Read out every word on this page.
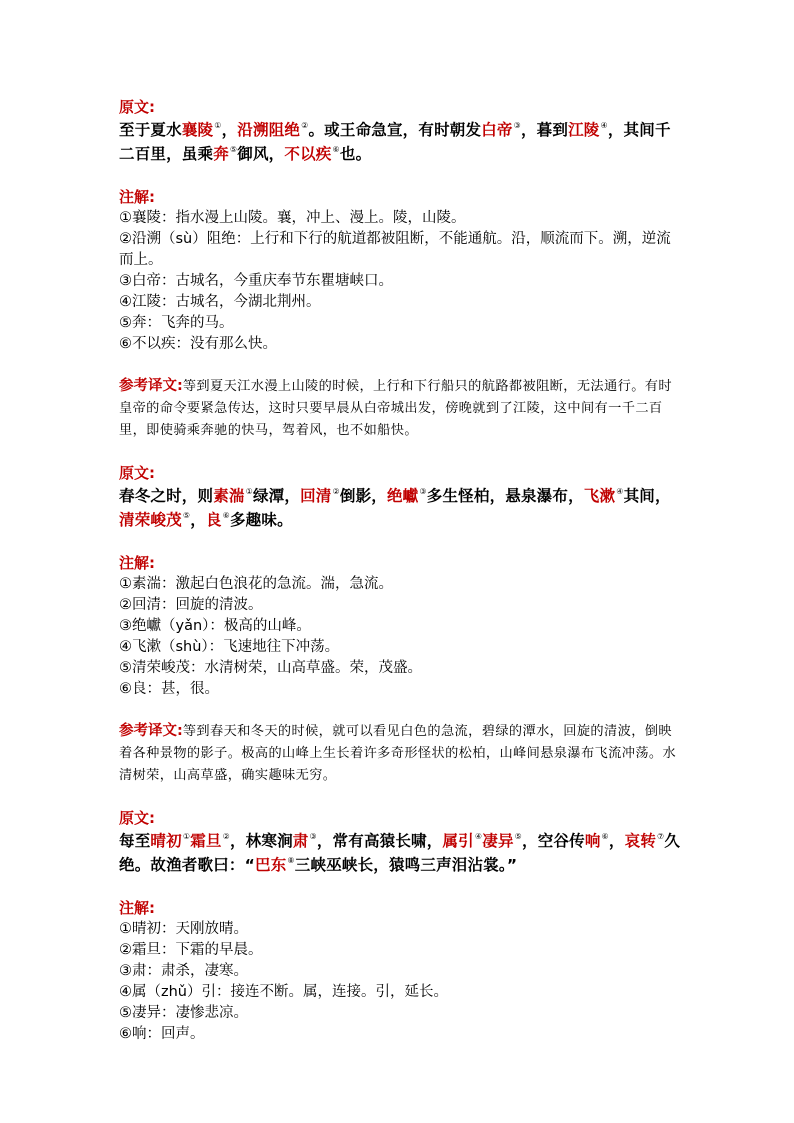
原文:

至于夏水襄陵①，沿溯阻绝②。或王命急宣，有时朝发白帝③，暮到江陵④，其间千二百里，虽乘奔⑤御风，不以疾⑥也。

注解:

①襄陵：指水漫上山陵。襄，冲上、漫上。陵，山陵。
②沿溯（sù）阻绝：上行和下行的航道都被阻断，不能通航。沿，顺流而下。溯，逆流而上。
③白帝：古城名，今重庆奉节东瞿塘峡口。
④江陵：古城名，今湖北荆州。
⑤奔：飞奔的马。
⑥不以疾：没有那么快。

参考译文:等到夏天江水漫上山陵的时候，上行和下行船只的航路都被阻断，无法通行。有时皇帝的命令要紧急传达，这时只要早晨从白帝城出发，傍晚就到了江陵，这中间有一千二百里，即使骑乘奔驰的快马，驾着风，也不如船快。

原文:

春冬之时，则素湍①绿潭，回清②倒影，绝巘③多生怪柏，悬泉瀑布，飞漱④其间，清荣峻茂⑤，良⑥多趣味。

注解:

①素湍：激起白色浪花的急流。湍，急流。
②回清：回旋的清波。
③绝巘（yǎn）：极高的山峰。
④飞漱（shù）：飞速地往下冲荡。
⑤清荣峻茂：水清树荣，山高草盛。荣，茂盛。
⑥良：甚，很。

参考译文:等到春天和冬天的时候，就可以看见白色的急流，碧绿的潭水，回旋的清波，倒映着各种景物的影子。极高的山峰上生长着许多奇形怪状的松柏，山峰间悬泉瀑布飞流冲荡。水清树荣，山高草盛，确实趣味无穷。

原文:

每至晴初①霜旦②，林寒涧肃③，常有高猿长啸，属引④凄异⑤，空谷传响⑥，哀转⑦久绝。故渔者歌曰：“巴东⑧三峡巫峡长，猿鸣三声泪沾裳。”

注解:

①晴初：天刚放晴。
②霜旦：下霜的早晨。
③肃：肃杀，凄寒。
④属（zhǔ）引：接连不断。属，连接。引，延长。
⑤凄异：凄惨悲凉。
⑥响：回声。
